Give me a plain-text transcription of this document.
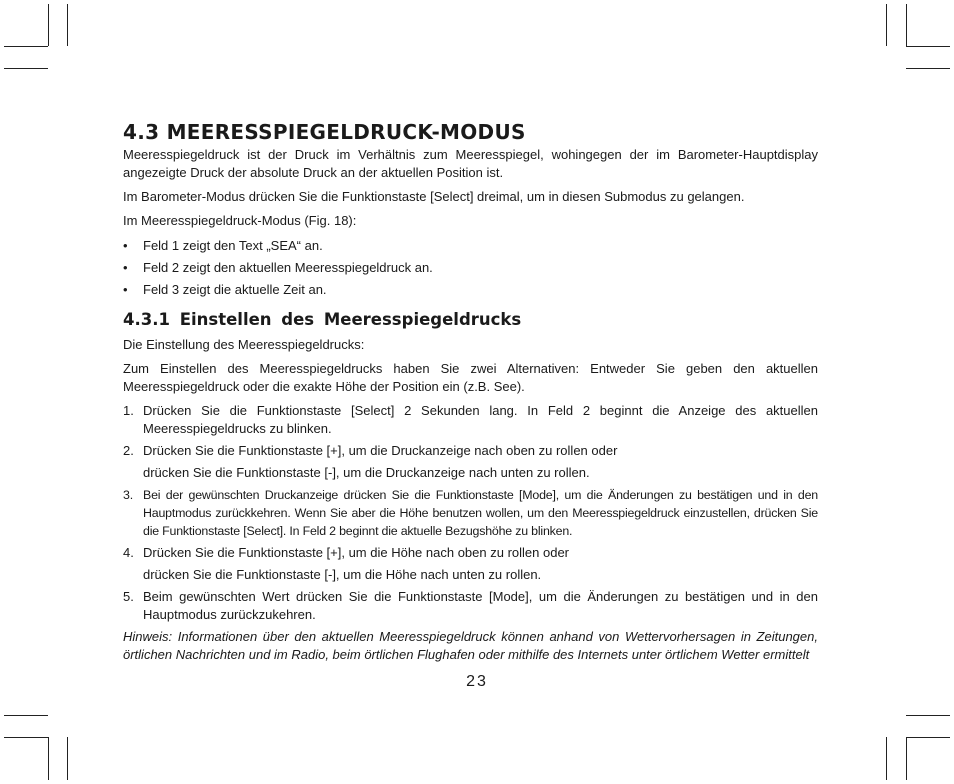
4.3 MEERESSPIEGELDRUCK-MODUS

Meeresspiegeldruck ist der Druck im Verhältnis zum Meeresspiegel, wohingegen der im Barometer-Hauptdisplay angezeigte Druck der absolute Druck an der aktuellen Position ist.

Im Barometer-Modus drücken Sie die Funktionstaste [Select] dreimal, um in diesen Submodus zu gelangen.

Im Meeresspiegeldruck-Modus (Fig. 18):

• Feld 1 zeigt den Text „SEA“ an.
• Feld 2 zeigt den aktuellen Meeresspiegeldruck an.
• Feld 3 zeigt die aktuelle Zeit an.
4.3.1 Einstellen des Meeresspiegeldrucks

Die Einstellung des Meeresspiegeldrucks:

Zum Einstellen des Meeresspiegeldrucks haben Sie zwei Alternativen: Entweder Sie geben den aktuellen Meeresspiegeldruck oder die exakte Höhe der Position ein (z.B. See).

1. Drücken Sie die Funktionstaste [Select] 2 Sekunden lang. In Feld 2 beginnt die Anzeige des aktuellen Meeresspiegeldrucks zu blinken.
2. Drücken Sie die Funktionstaste [+], um die Druckanzeige nach oben zu rollen oder
drücken Sie die Funktionstaste [-], um die Druckanzeige nach unten zu rollen.
3. Bei der gewünschten Druckanzeige drücken Sie die Funktionstaste [Mode], um die Änderungen zu bestätigen und in den Hauptmodus zurückkehren. Wenn Sie aber die Höhe benutzen wollen, um den Meeresspiegeldruck einzustellen, drücken Sie die Funktionstaste [Select]. In Feld 2 beginnt die aktuelle Bezugshöhe zu blinken.
4. Drücken Sie die Funktionstaste [+], um die Höhe nach oben zu rollen oder
drücken Sie die Funktionstaste [-], um die Höhe nach unten zu rollen.
5. Beim gewünschten Wert drücken Sie die Funktionstaste [Mode], um die Änderungen zu bestätigen und in den Hauptmodus zurückzukehren.

Hinweis: Informationen über den aktuellen Meeresspiegeldruck können anhand von Wettervorhersagen in Zeitungen, örtlichen Nachrichten und im Radio, beim örtlichen Flughafen oder mithilfe des Internets unter örtlichem Wetter ermittelt

23
